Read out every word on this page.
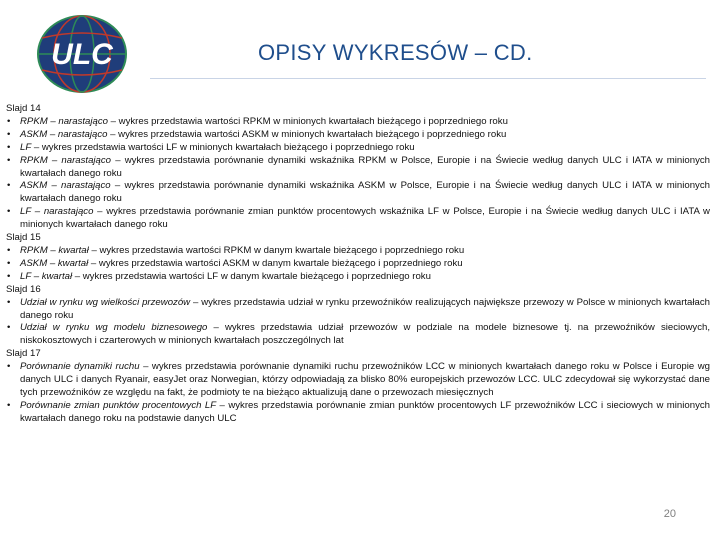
ULC	OPISY WYKRESÓW – CD.

Slajd 14

• RPKM – narastająco – wykres przedstawia wartości RPKM w minionych kwartałach bieżącego i poprzedniego roku

• ASKM – narastająco – wykres przedstawia wartości ASKM w minionych kwartałach bieżącego i poprzedniego roku

• LF – wykres przedstawia wartości LF w minionych kwartałach bieżącego i poprzedniego roku

• RPKM – narastająco – wykres przedstawia porównanie dynamiki wskaźnika RPKM w Polsce, Europie i na Świecie według danych ULC i IATA w minionych kwartałach danego roku

• ASKM – narastająco – wykres przedstawia porównanie dynamiki wskaźnika ASKM w Polsce, Europie i na Świecie według danych ULC i IATA w minionych kwartałach danego roku

• LF – narastająco – wykres przedstawia porównanie zmian punktów procentowych wskaźnika LF w Polsce, Europie i na Świecie według danych ULC i IATA w minionych kwartałach danego roku

Slajd 15

• RPKM – kwartał – wykres przedstawia wartości RPKM w danym kwartale bieżącego i poprzedniego roku

• ASKM – kwartał – wykres przedstawia wartości ASKM w danym kwartale bieżącego i poprzedniego roku

• LF – kwartał – wykres przedstawia wartości LF w danym kwartale bieżącego i poprzedniego roku

Slajd 16

• Udział w rynku wg wielkości przewozów – wykres przedstawia udział w rynku przewoźników realizujących największe przewozy w Polsce w minionych kwartałach danego roku

• Udział w rynku wg modelu biznesowego – wykres przedstawia udział przewozów w podziale na modele biznesowe tj. na przewoźników sieciowych, niskokosztowych i czarterowych w minionych kwartałach poszczególnych lat

Slajd 17

• Porównanie dynamiki ruchu – wykres przedstawia porównanie dynamiki ruchu przewoźników LCC w minionych kwartałach danego roku w Polsce i Europie wg danych ULC i danych Ryanair, easyJet oraz Norwegian, którzy odpowiadają za blisko 80% europejskich przewozów LCC. ULC zdecydował się wykorzystać dane tych przewoźników ze względu na fakt, że podmioty te na bieżąco aktualizują dane o przewozach miesięcznych

• Porównanie zmian punktów procentowych LF – wykres przedstawia porównanie zmian punktów procentowych LF przewoźników LCC i sieciowych w minionych kwartałach danego roku na podstawie danych ULC

20
